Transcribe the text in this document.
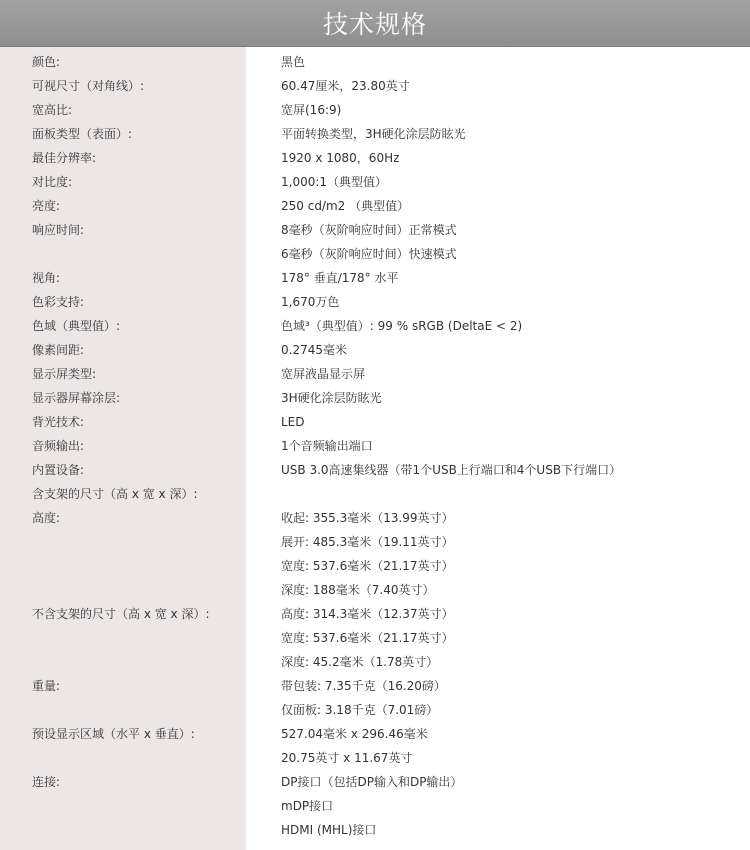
技术规格
颜色:	黑色
可视尺寸（对角线）:	60.47厘米，23.80英寸
宽高比:	宽屏(16:9)
面板类型（表面）:	平面转换类型，3H硬化涂层防眩光
最佳分辨率:	1920 x 1080，60Hz
对比度:	1,000:1（典型值）
亮度:	250 cd/m2 （典型值）
响应时间:	8毫秒（灰阶响应时间）正常模式
6毫秒（灰阶响应时间）快速模式
视角:	178° 垂直/178° 水平
色彩支持:	1,670万色
色域（典型值）:	色域³（典型值）: 99 % sRGB (DeltaE < 2)
像素间距:	0.2745毫米
显示屏类型:	宽屏液晶显示屏
显示器屏幕涂层:	3H硬化涂层防眩光
背光技术:	LED
音频输出:	1个音频输出端口
内置设备:	USB 3.0高速集线器（带1个USB上行端口和4个USB下行端口）
含支架的尺寸（高 x 宽 x 深）:
高度:	收起: 355.3毫米（13.99英寸）
展开: 485.3毫米（19.11英寸）
宽度: 537.6毫米（21.17英寸）
深度: 188毫米（7.40英寸）
不含支架的尺寸（高 x 宽 x 深）:	高度: 314.3毫米（12.37英寸）
宽度: 537.6毫米（21.17英寸）
深度: 45.2毫米（1.78英寸）
重量:	带包装: 7.35千克（16.20磅）
仅面板: 3.18千克（7.01磅）
预设显示区域（水平 x 垂直）:	527.04毫米 x 296.46毫米
20.75英寸 x 11.67英寸
连接:	DP接口（包括DP输入和DP输出）
mDP接口
HDMI (MHL)接口
